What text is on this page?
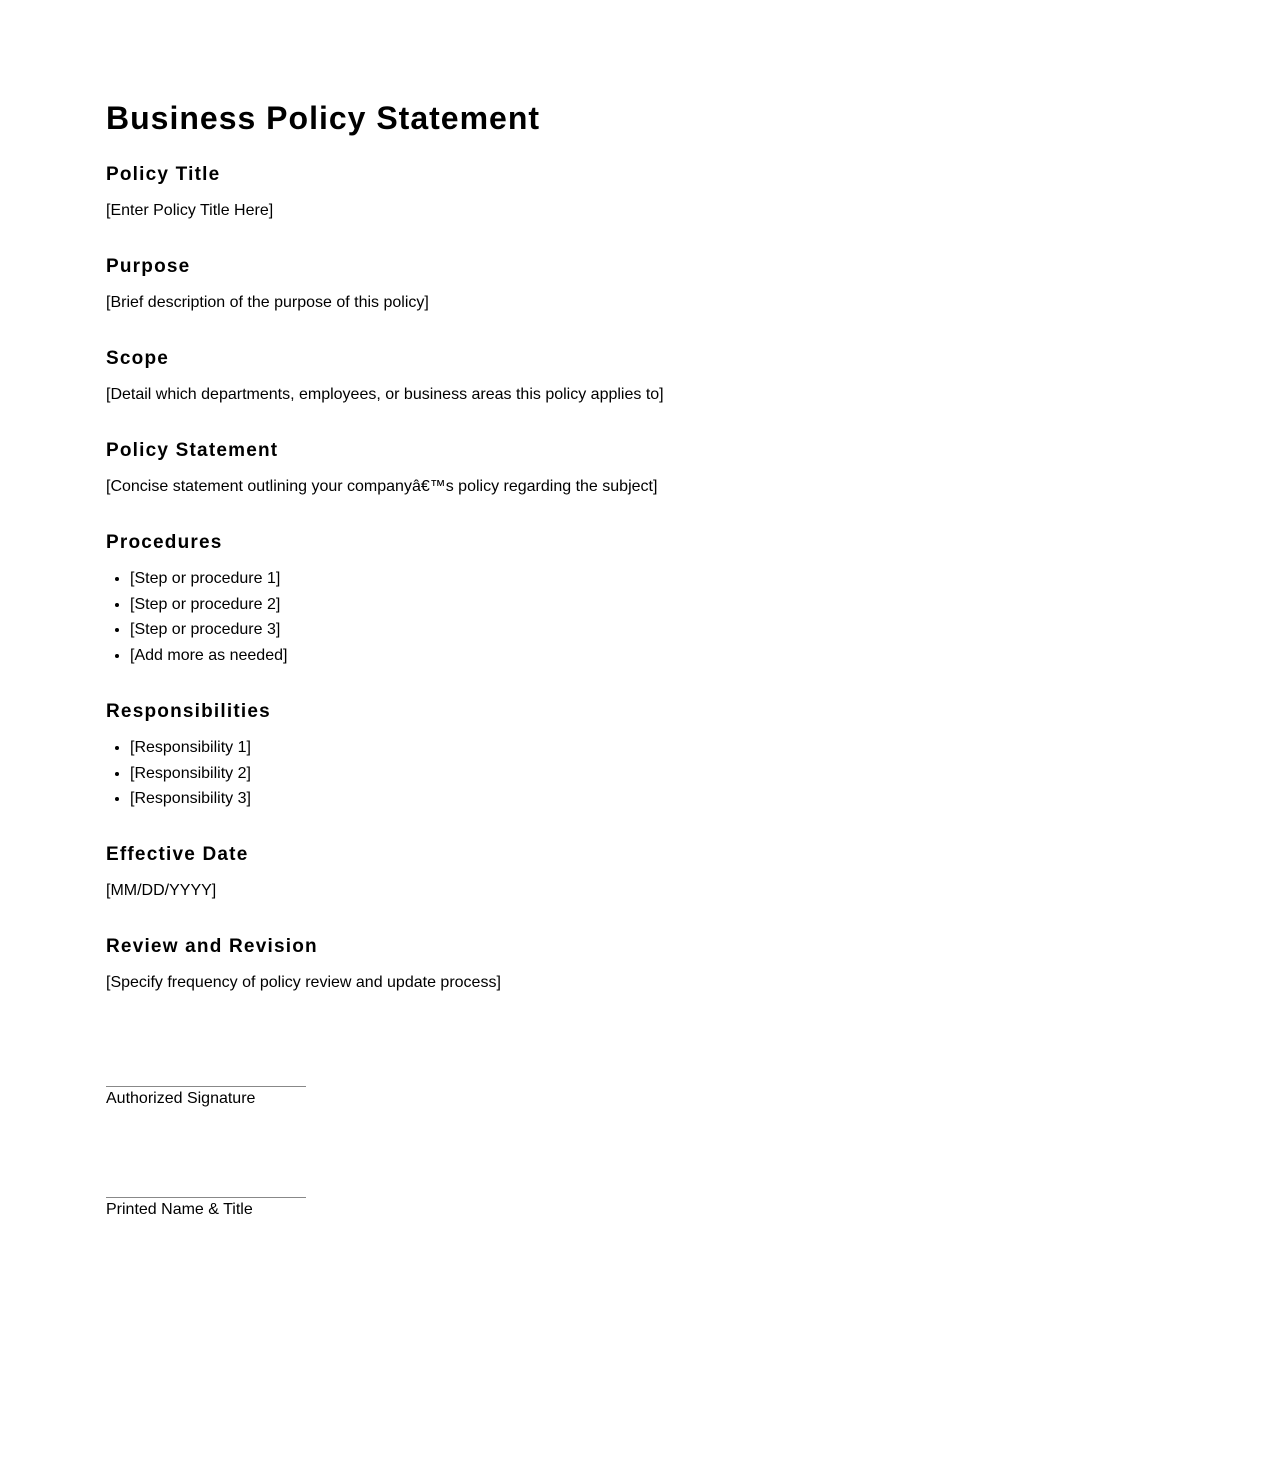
Business Policy Statement
Policy Title

[Enter Policy Title Here]

Purpose

[Brief description of the purpose of this policy]

Scope

[Detail which departments, employees, or business areas this policy applies to]

Policy Statement

[Concise statement outlining your companyâ€™s policy regarding the subject]

Procedures
• [Step or procedure 1]
• [Step or procedure 2]
• [Step or procedure 3]
• [Add more as needed]
Responsibilities
• [Responsibility 1]
• [Responsibility 2]
• [Responsibility 3]
Effective Date

[MM/DD/YYYY]

Review and Revision

[Specify frequency of policy review and update process]

Authorized Signature
Printed Name & Title
